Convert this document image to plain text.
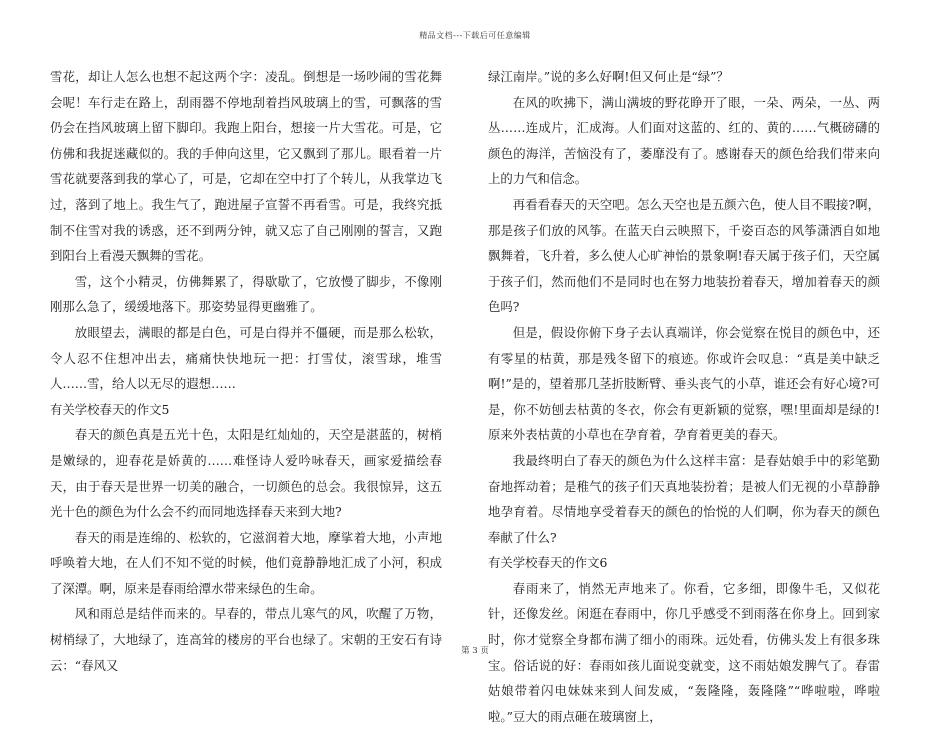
精品文档---下载后可任意编辑

雪花，却让人怎么也想不起这两个字：凌乱。倒想是一场吵闹的雪花舞会呢！车行走在路上，刮雨器不停地刮着挡风玻璃上的雪，可飘落的雪仍会在挡风玻璃上留下脚印。我跑上阳台，想接一片大雪花。可是，它仿佛和我捉迷藏似的。我的手伸向这里，它又飘到了那儿。眼看着一片雪花就要落到我的掌心了，可是，它却在空中打了个转儿，从我掌边飞过，落到了地上。我生气了，跑进屋子宣誓不再看雪。可是，我终究抵制不住雪对我的诱惑，还不到两分钟，就又忘了自己刚刚的誓言，又跑到阳台上看漫天飘舞的雪花。

雪，这个小精灵，仿佛舞累了，得歇歇了，它放慢了脚步，不像刚刚那么急了，缓缓地落下。那姿势显得更幽雅了。

放眼望去，满眼的都是白色，可是白得并不僵硬，而是那么松软，令人忍不住想冲出去，痛痛快快地玩一把：打雪仗，滚雪球，堆雪人……雪，给人以无尽的遐想……

有关学校春天的作文5

春天的颜色真是五光十色，太阳是红灿灿的，天空是湛蓝的，树梢是嫩绿的，迎春花是娇黄的……难怪诗人爱吟咏春天，画家爱描绘春天，由于春天是世界一切美的融合，一切颜色的总会。我很惊异，这五光十色的颜色为什么会不约而同地选择春天来到大地?

春天的雨是连绵的、松软的，它滋润着大地，摩挲着大地，小声地呼唤着大地，在人们不知不觉的时候，他们竟静静地汇成了小河，积成了深潭。啊，原来是春雨给潭水带来绿色的生命。

风和雨总是结伴而来的。早春的，带点儿寒气的风，吹醒了万物，树梢绿了，大地绿了，连高耸的楼房的平台也绿了。宋朝的王安石有诗云：“春风又

绿江南岸。”说的多么好啊!但又何止是“绿”？

在风的吹拂下，满山满坡的野花睁开了眼，一朵、两朵，一丛、两丛……连成片，汇成海。人们面对这蓝的、红的、黄的……气概磅礴的颜色的海洋，苦恼没有了，萎靡没有了。感谢春天的颜色给我们带来向上的力气和信念。

再看看春天的天空吧。怎么天空也是五颜六色，使人目不暇接?啊，那是孩子们放的风筝。在蓝天白云映照下，千姿百态的风筝潇洒自如地飘舞着，飞升着，多么使人心旷神怡的景象啊!春天属于孩子们，天空属于孩子们，然而他们不是同时也在努力地装扮着春天，增加着春天的颜色吗?

但是，假设你俯下身子去认真端详，你会觉察在悦目的颜色中，还有零星的枯黄，那是残冬留下的痕迹。你或许会叹息：“真是美中缺乏啊!”是的，望着那几茎折肢断臂、垂头丧气的小草，谁还会有好心境?可是，你不妨刨去枯黄的冬衣，你会有更新颖的觉察，嘿!里面却是绿的!原来外表枯黄的小草也在孕育着，孕育着更美的春天。

我最终明白了春天的颜色为什么这样丰富：是春姑娘手中的彩笔勤奋地挥动着；是稚气的孩子们天真地装扮着；是被人们无视的小草静静地孕育着。尽情地享受着春天的颜色的怡悦的人们啊，你为春天的颜色奉献了什么?

有关学校春天的作文6

春雨来了，悄然无声地来了。你看，它多细，即像牛毛，又似花针，还像发丝。闲逛在春雨中，你几乎感受不到雨落在你身上。回到家时，你才觉察全身都布满了细小的雨珠。远处看，仿佛头发上有很多珠宝。俗话说的好：春雨如孩儿面说变就变，这不雨姑娘发脾气了。春雷姑娘带着闪电妹妹来到人间发威，“轰隆隆，轰隆隆”“哗啦啦，哗啦啦。”豆大的雨点砸在玻璃窗上，

第 3 页
